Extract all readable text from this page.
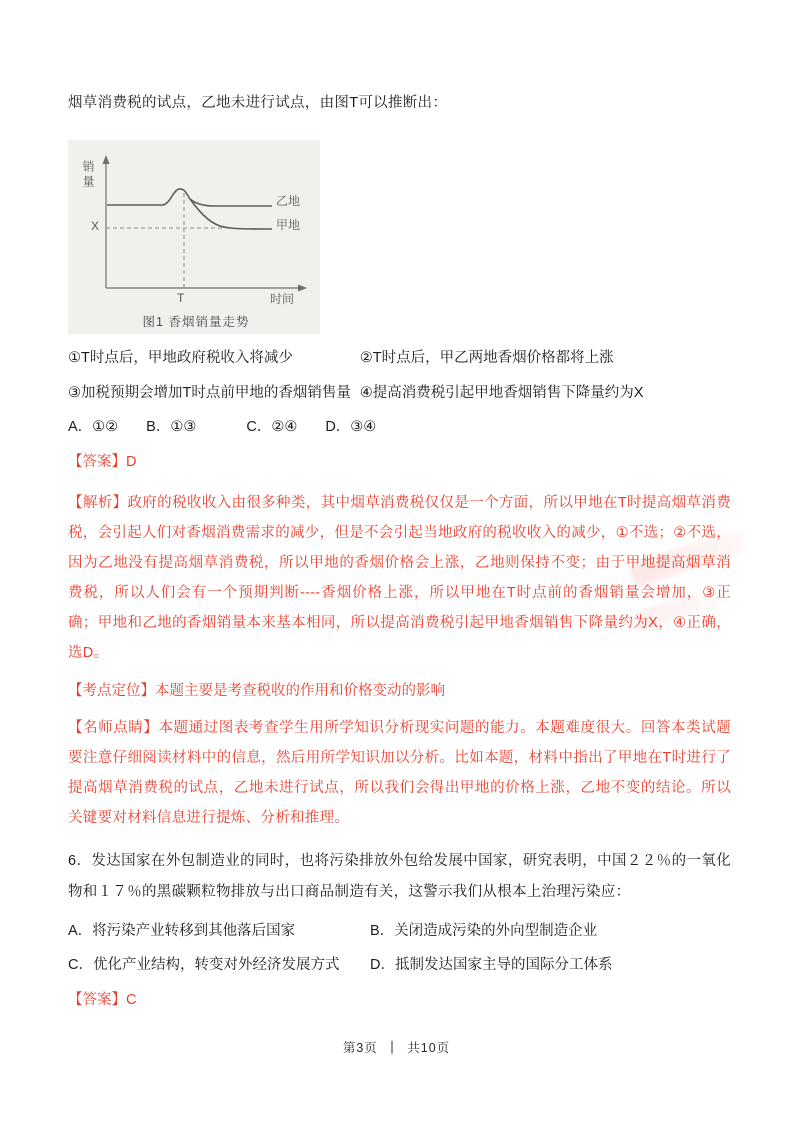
烟草消费税的试点，乙地未进行试点，由图T可以推断出：

销量
X
T	时间
乙地
甲地
图1 香烟销量走势
①T时点后，甲地政府税收入将减少	②T时点后，甲乙两地香烟价格都将上涨
③加税预期会增加T时点前甲地的香烟销售量 ④提高消费税引起甲地香烟销售下降量约为X
A．①② B．①③	C．②④ D．③④

【答案】D

【解析】政府的税收收入由很多种类，其中烟草消费税仅仅是一个方面，所以甲地在T时提高烟草消费税，会引起人们对香烟消费需求的减少，但是不会引起当地政府的税收收入的减少，①不选；②不选，因为乙地没有提高烟草消费税，所以甲地的香烟价格会上涨，乙地则保持不变；由于甲地提高烟草消费税，所以人们会有一个预期判断----香烟价格上涨，所以甲地在T时点前的香烟销量会增加，③正确；甲地和乙地的香烟销量本来基本相同，所以提高消费税引起甲地香烟销售下降量约为X，④正确，选D。

【考点定位】本题主要是考查税收的作用和价格变动的影响

【名师点睛】本题通过图表考查学生用所学知识分析现实问题的能力。本题难度很大。回答本类试题要注意仔细阅读材料中的信息，然后用所学知识加以分析。比如本题，材料中指出了甲地在T时进行了提高烟草消费税的试点，乙地未进行试点，所以我们会得出甲地的价格上涨，乙地不变的结论。所以关键要对材料信息进行提炼、分析和推理。

6．发达国家在外包制造业的同时，也将污染排放外包给发展中国家，研究表明，中国２２％的一氧化物和１７％的黑碳颗粒物排放与出口商品制造有关，这警示我们从根本上治理污染应：

A．将污染产业转移到其他落后国家	B．关闭造成污染的外向型制造企业
C．优化产业结构，转变对外经济发展方式	D．抵制发达国家主导的国际分工体系

【答案】C

第3页 ｜ 共10页
